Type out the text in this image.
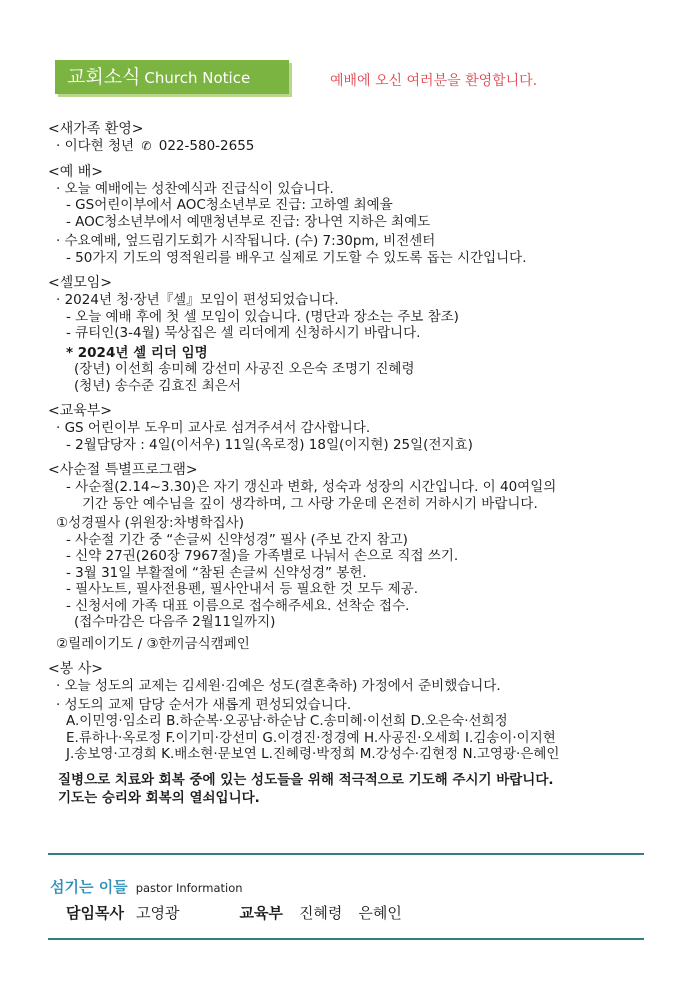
교회소식 Church Notice	예배에 오신 여러분을 환영합니다.
<새가족 환영>
· 이다현 청년 ✆ 022-580-2655
<예 배>
· 오늘 예배에는 성찬예식과 진급식이 있습니다.
- GS어린이부에서 AOC청소년부로 진급: 고하엘 최예율
- AOC청소년부에서 예맨청년부로 진급: 장나연 지하은 최예도
· 수요예배, 엎드림기도회가 시작됩니다. (수) 7:30pm, 비전센터
- 50가지 기도의 영적원리를 배우고 실제로 기도할 수 있도록 돕는 시간입니다.
<셀모임>
· 2024년 청·장년『셀』모임이 편성되었습니다.
- 오늘 예배 후에 첫 셀 모임이 있습니다. (명단과 장소는 주보 참조)
- 큐티인(3-4월) 묵상집은 셀 리더에게 신청하시기 바랍니다.
* 2024년 셀 리더 임명
(장년) 이선희 송미혜 강선미 사공진 오은숙 조명기 진혜령
(청년) 송수준 김효진 최은서
<교육부>
· GS 어린이부 도우미 교사로 섬겨주셔서 감사합니다.
- 2월담당자 : 4일(이서우) 11일(옥로정) 18일(이지현) 25일(전지효)
<사순절 특별프로그램>
- 사순절(2.14~3.30)은 자기 갱신과 변화, 성숙과 성장의 시간입니다. 이 40여일의
기간 동안 예수님을 깊이 생각하며, 그 사랑 가운데 온전히 거하시기 바랍니다.
①성경필사 (위원장:차병학집사)
- 사순절 기간 중 “손글씨 신약성경” 필사 (주보 간지 참고)
- 신약 27권(260장 7967절)을 가족별로 나눠서 손으로 직접 쓰기.
- 3월 31일 부활절에 “참된 손글씨 신약성경” 봉헌.
- 필사노트, 필사전용펜, 필사안내서 등 필요한 것 모두 제공.
- 신청서에 가족 대표 이름으로 접수해주세요. 선착순 접수.
(접수마감은 다음주 2월11일까지)
②릴레이기도 / ③한끼금식캠페인
<봉 사>
· 오늘 성도의 교제는 김세원·김예은 성도(결혼축하) 가정에서 준비했습니다.
· 성도의 교제 담당 순서가 새롭게 편성되었습니다.
A.이민영·임소리 B.하순복·오공남·하순남 C.송미혜·이선희 D.오은숙·선희정
E.류하나·옥로정 F.이기미·강선미 G.이경진·정경예 H.사공진·오세희 I.김송이·이지현
J.송보영·고경희 K.배소현·문보연 L.진혜령·박정희 M.강성수·김현정 N.고영광·은혜인
질병으로 치료와 회복 중에 있는 성도들을 위해 적극적으로 기도해 주시기 바랍니다.
기도는 승리와 회복의 열쇠입니다.
섬기는 이들 pastor Information
담임목사 고영광	교육부 진혜령 은혜인
